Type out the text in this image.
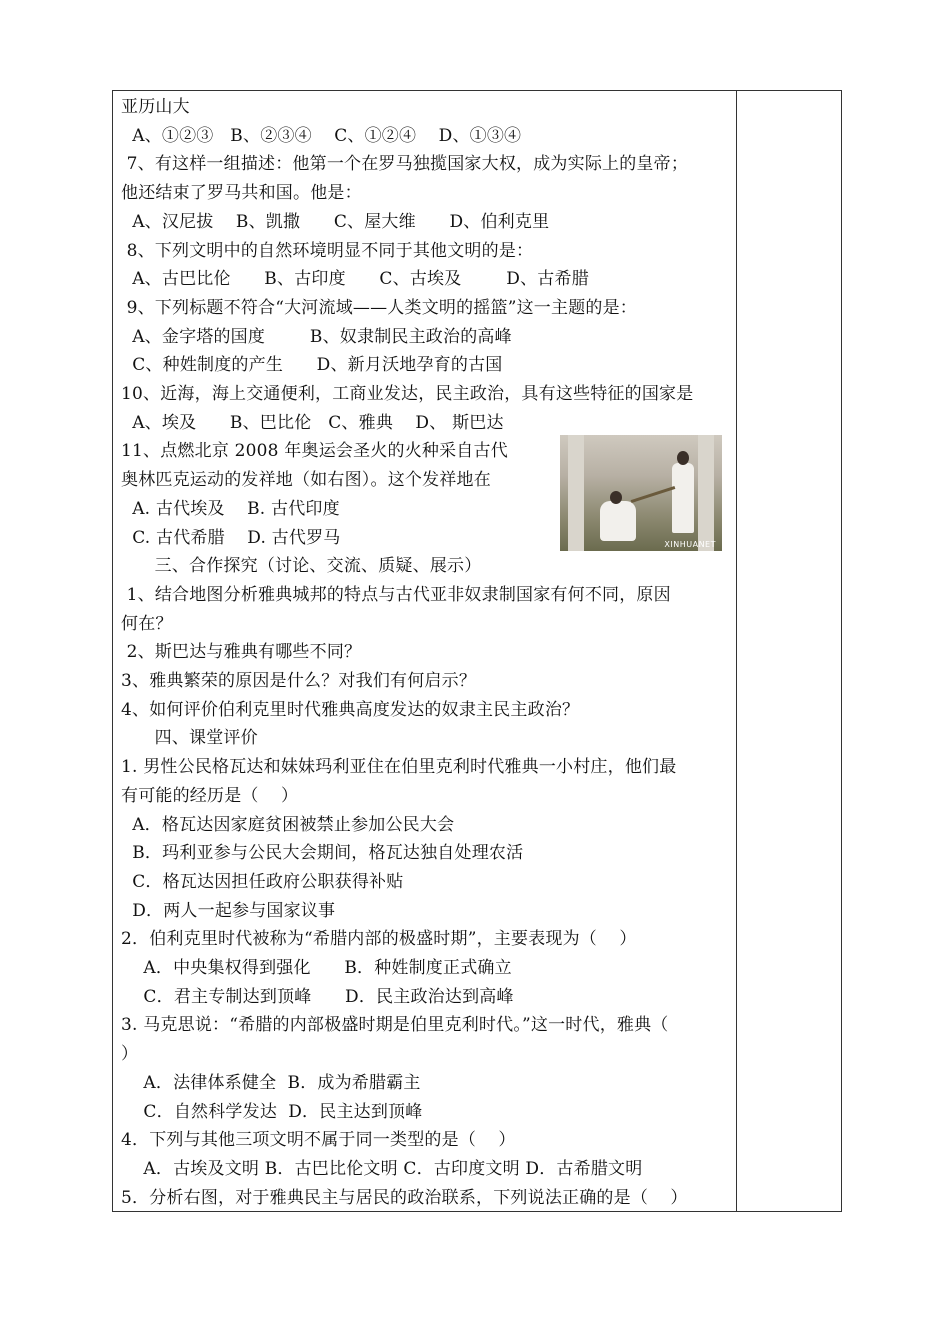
亚历山大
A、①②③   B、②③④    C、①②④    D、①③④
7、有这样一组描述：他第一个在罗马独揽国家大权，成为实际上的皇帝；
他还结束了罗马共和国。他是：
A、汉尼拔    B、凯撒      C、屋大维      D、伯利克里
8、下列文明中的自然环境明显不同于其他文明的是：
A、古巴比伦      B、古印度      C、古埃及        D、古希腊
9、下列标题不符合“大河流域——人类文明的摇篮”这一主题的是：
A、金字塔的国度        B、奴隶制民主政治的高峰
C、种姓制度的产生      D、新月沃地孕育的古国
10、近海，海上交通便利，工商业发达，民主政治，具有这些特征的国家是
A、埃及      B、巴比伦   C、雅典    D、 斯巴达
11、点燃北京 2008 年奥运会圣火的火种采自古代
奥林匹克运动的发祥地（如右图）。这个发祥地在
A. 古代埃及    B. 古代印度
C. 古代希腊    D. 古代罗马
三、合作探究（讨论、交流、质疑、展示）
1、结合地图分析雅典城邦的特点与古代亚非奴隶制国家有何不同，原因
何在？
2、斯巴达与雅典有哪些不同？
3、雅典繁荣的原因是什么？对我们有何启示？
4、如何评价伯利克里时代雅典高度发达的奴隶主民主政治？
四、课堂评价
1. 男性公民格瓦达和妹妹玛利亚住在伯里克利时代雅典一小村庄，他们最
有可能的经历是（    ）
A．格瓦达因家庭贫困被禁止参加公民大会
B．玛利亚参与公民大会期间，格瓦达独自处理农活
C．格瓦达因担任政府公职获得补贴
D．两人一起参与国家议事
2．伯利克里时代被称为“希腊内部的极盛时期”，主要表现为（    ）
A．中央集权得到强化      B．种姓制度正式确立
C．君主专制达到顶峰      D．民主政治达到高峰
3. 马克思说：“希腊的内部极盛时期是伯里克利时代。”这一时代，雅典（
）
A．法律体系健全  B．成为希腊霸主
C．自然科学发达  D．民主达到顶峰
4．下列与其他三项文明不属于同一类型的是（    ）
A．古埃及文明 B．古巴比伦文明 C．古印度文明 D．古希腊文明
5．分析右图，对于雅典民主与居民的政治联系，下列说法正确的是（    ）
XINHUANET
